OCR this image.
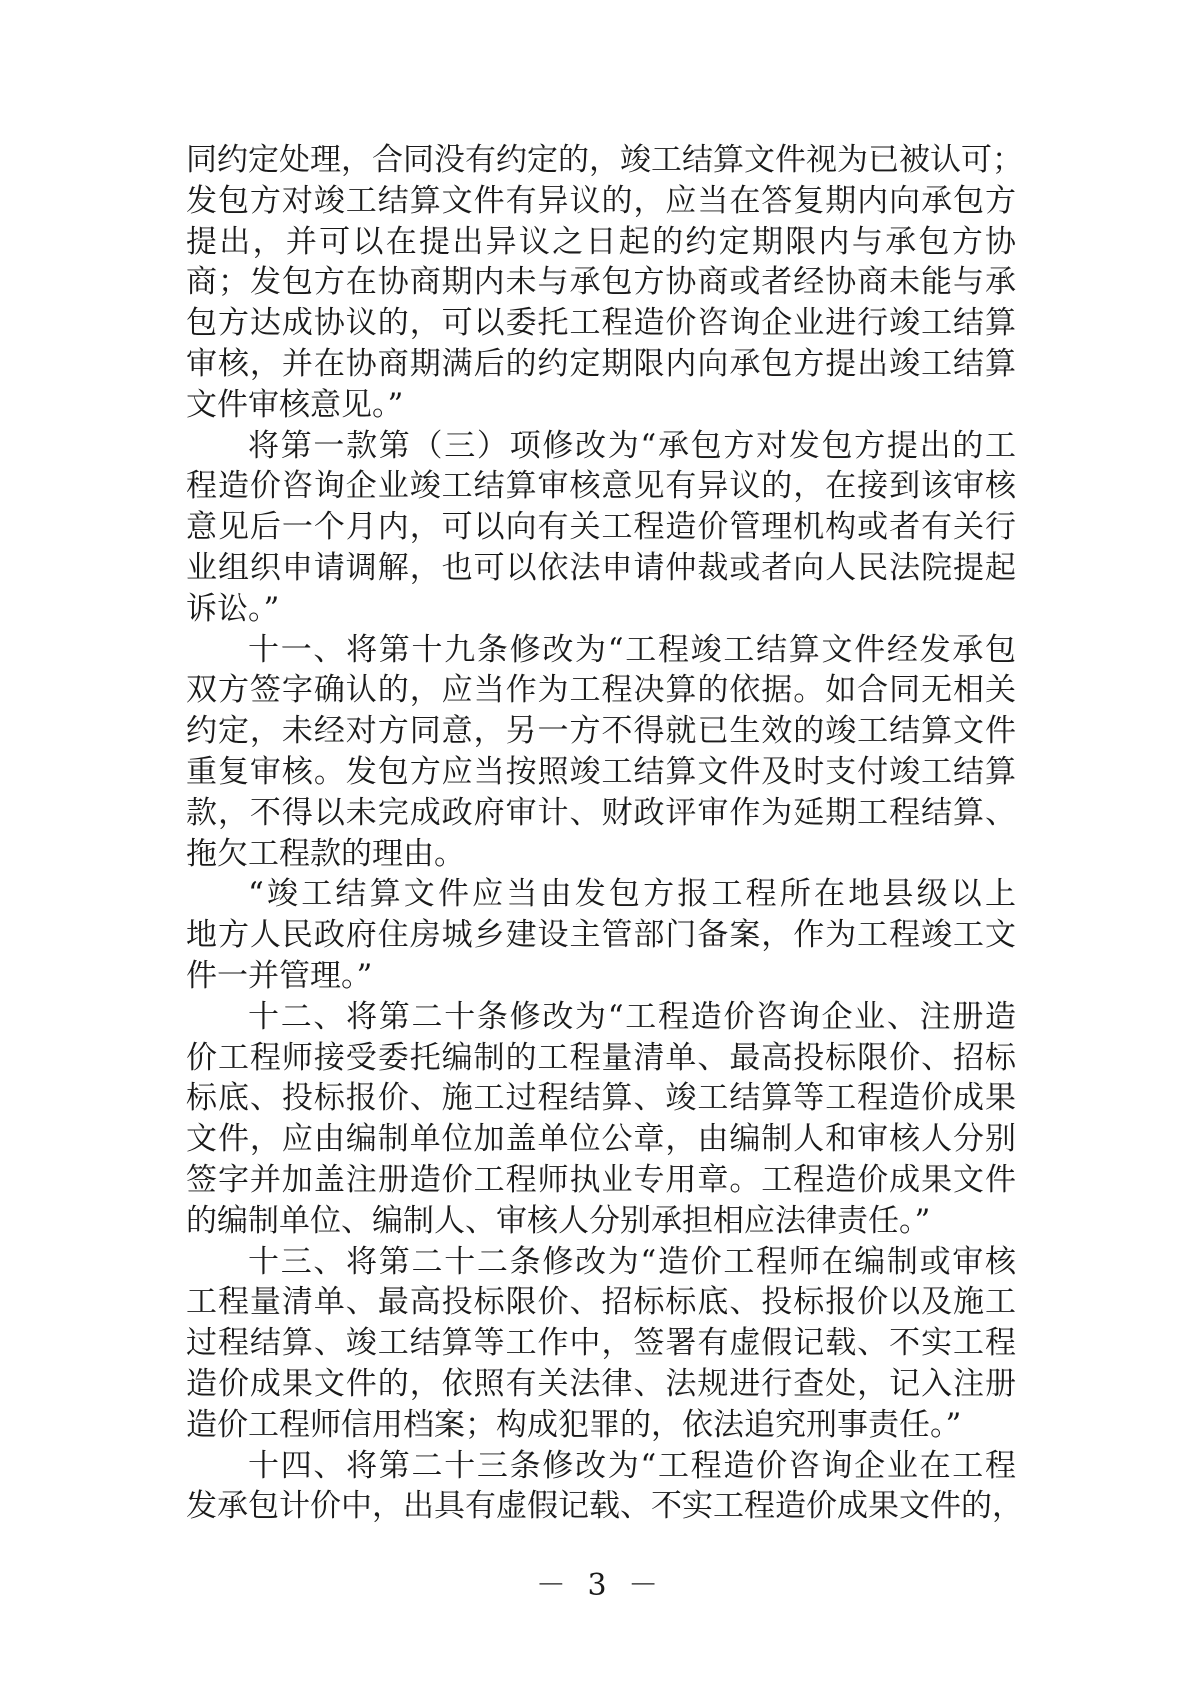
同约定处理，合同没有约定的，竣工结算文件视为已被认可；
发包方对竣工结算文件有异议的，应当在答复期内向承包方
提出，并可以在提出异议之日起的约定期限内与承包方协
商；发包方在协商期内未与承包方协商或者经协商未能与承
包方达成协议的，可以委托工程造价咨询企业进行竣工结算
审核，并在协商期满后的约定期限内向承包方提出竣工结算
文件审核意见。”
将第一款第（三）项修改为“承包方对发包方提出的工
程造价咨询企业竣工结算审核意见有异议的，在接到该审核
意见后一个月内，可以向有关工程造价管理机构或者有关行
业组织申请调解，也可以依法申请仲裁或者向人民法院提起
诉讼。”
十一、将第十九条修改为“工程竣工结算文件经发承包
双方签字确认的，应当作为工程决算的依据。如合同无相关
约定，未经对方同意，另一方不得就已生效的竣工结算文件
重复审核。发包方应当按照竣工结算文件及时支付竣工结算
款，不得以未完成政府审计、财政评审作为延期工程结算、
拖欠工程款的理由。
“竣工结算文件应当由发包方报工程所在地县级以上
地方人民政府住房城乡建设主管部门备案，作为工程竣工文
件一并管理。”
十二、将第二十条修改为“工程造价咨询企业、注册造
价工程师接受委托编制的工程量清单、最高投标限价、招标
标底、投标报价、施工过程结算、竣工结算等工程造价成果
文件，应由编制单位加盖单位公章，由编制人和审核人分别
签字并加盖注册造价工程师执业专用章。工程造价成果文件
的编制单位、编制人、审核人分别承担相应法律责任。”
十三、将第二十二条修改为“造价工程师在编制或审核
工程量清单、最高投标限价、招标标底、投标报价以及施工
过程结算、竣工结算等工作中，签署有虚假记载、不实工程
造价成果文件的，依照有关法律、法规进行查处，记入注册
造价工程师信用档案；构成犯罪的，依法追究刑事责任。”
十四、将第二十三条修改为“工程造价咨询企业在工程
发承包计价中，出具有虚假记载、不实工程造价成果文件的，
－ 3 －
